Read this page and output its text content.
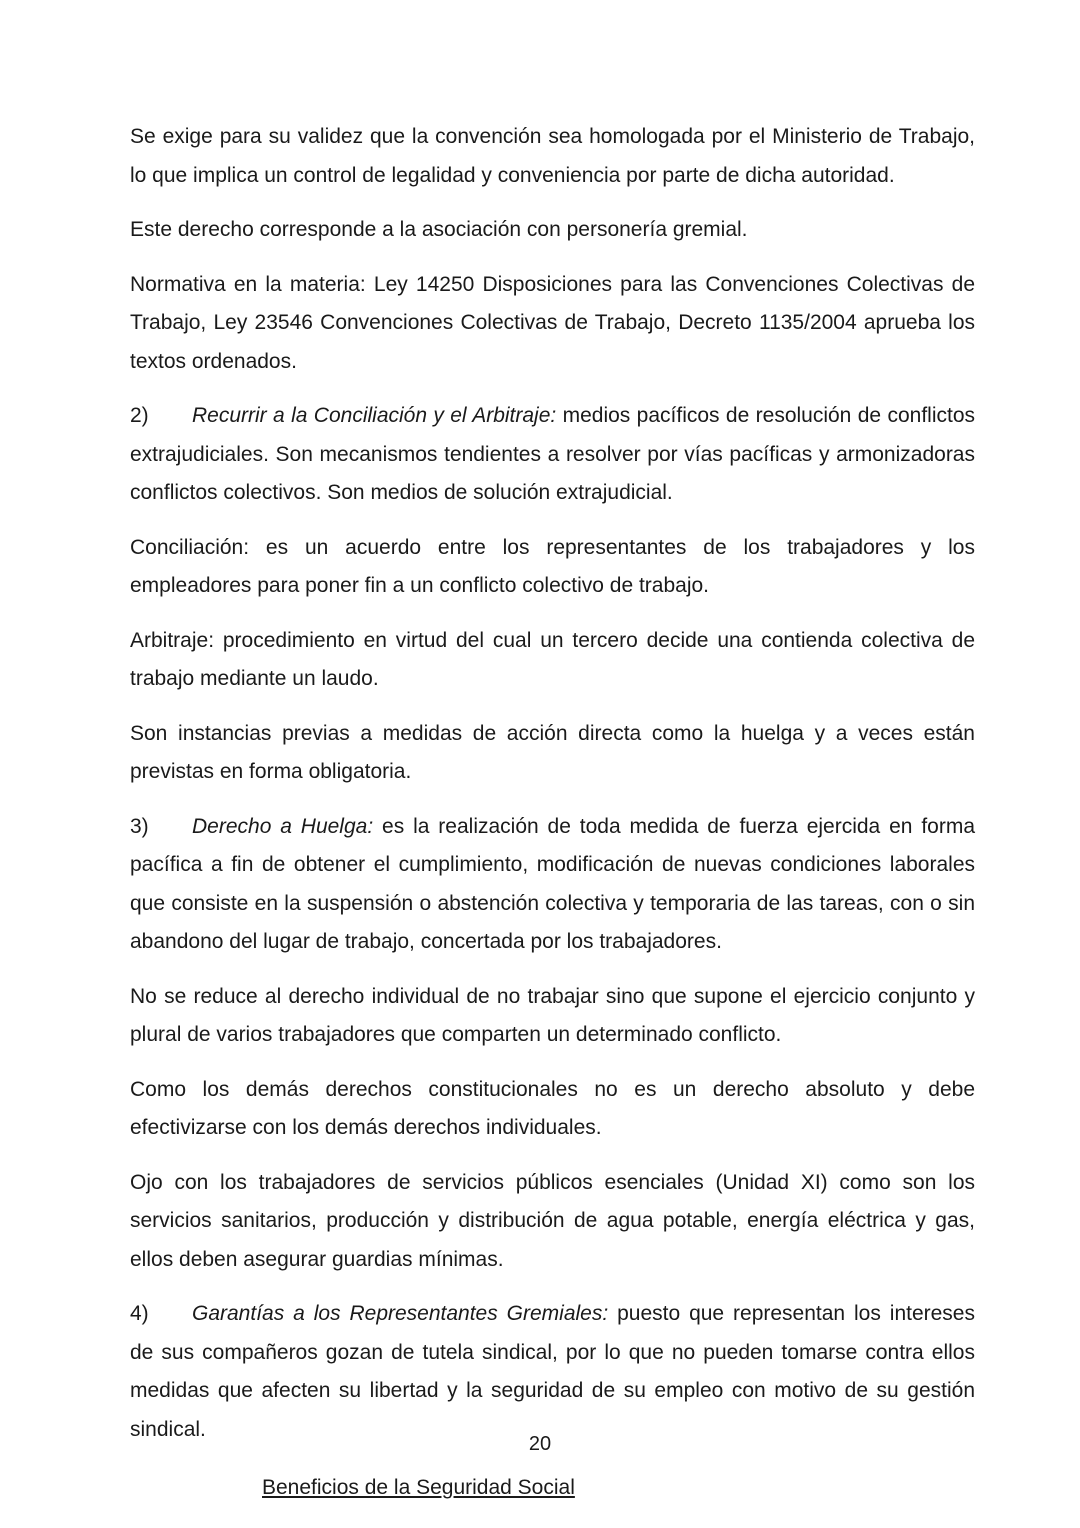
Se exige para su validez que la convención sea homologada por el Ministerio de Trabajo, lo que implica un control de legalidad y conveniencia por parte de dicha autoridad.

Este derecho corresponde a la asociación con personería gremial.

Normativa en la materia: Ley 14250 Disposiciones para las Convenciones Colectivas de Trabajo, Ley 23546 Convenciones Colectivas de Trabajo, Decreto 1135/2004 aprueba los textos ordenados.

2) Recurrir a la Conciliación y el Arbitraje: medios pacíficos de resolución de conflictos extrajudiciales. Son mecanismos tendientes a resolver por vías pacíficas y armonizadoras conflictos colectivos. Son medios de solución extrajudicial.

Conciliación: es un acuerdo entre los representantes de los trabajadores y los empleadores para poner fin a un conflicto colectivo de trabajo.

Arbitraje: procedimiento en virtud del cual un tercero decide una contienda colectiva de trabajo mediante un laudo.

Son instancias previas a medidas de acción directa como la huelga y a veces están previstas en forma obligatoria.

3) Derecho a Huelga: es la realización de toda medida de fuerza ejercida en forma pacífica a fin de obtener el cumplimiento, modificación de nuevas condiciones laborales que consiste en la suspensión o abstención colectiva y temporaria de las tareas, con o sin abandono del lugar de trabajo, concertada por los trabajadores.

No se reduce al derecho individual de no trabajar sino que supone el ejercicio conjunto y plural de varios trabajadores que comparten un determinado conflicto.

Como los demás derechos constitucionales no es un derecho absoluto y debe efectivizarse con los demás derechos individuales.

Ojo con los trabajadores de servicios públicos esenciales (Unidad XI) como son los servicios sanitarios, producción y distribución de agua potable, energía eléctrica y gas, ellos deben asegurar guardias mínimas.

4) Garantías a los Representantes Gremiales: puesto que representan los intereses de sus compañeros gozan de tutela sindical, por lo que no pueden tomarse contra ellos medidas que afecten su libertad y la seguridad de su empleo con motivo de su gestión sindical.

Beneficios de la Seguridad Social

20
